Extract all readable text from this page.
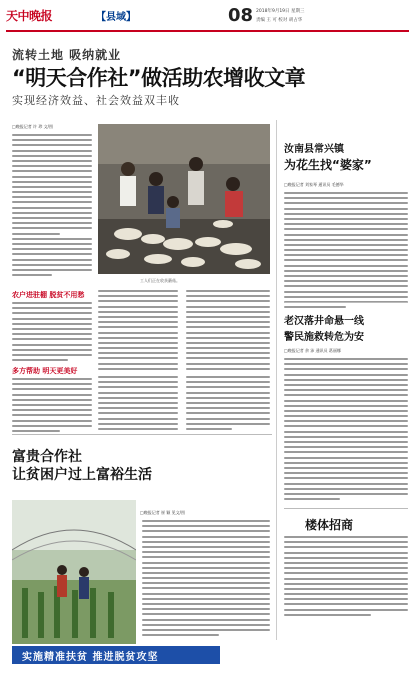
天中晚报	【县域】	08 2018年9月19日 星期三
责编 王 可 校对 胡占华
流转土地 吸纳就业
“明天合作社”做活助农增收文章
实现经济效益、社会效益双丰收
□晚报记者 许 珍 文/图
工人们正在收获蘑菇。
农户进驻棚 脱贫不用愁
多方帮助 明天更美好
富贵合作社
让贫困户过上富裕生活
□晚报记者 崔 颖 见文/图
实施精准扶贫 推进脱贫攻坚
汝南县常兴镇
为花生找“婆家”
□晚报记者 刘家琴 通讯员 毛德华
老汉落井命悬一线
警民施救转危为安
□晚报记者 余 沛 通讯员 葛丽娜
楼体招商
